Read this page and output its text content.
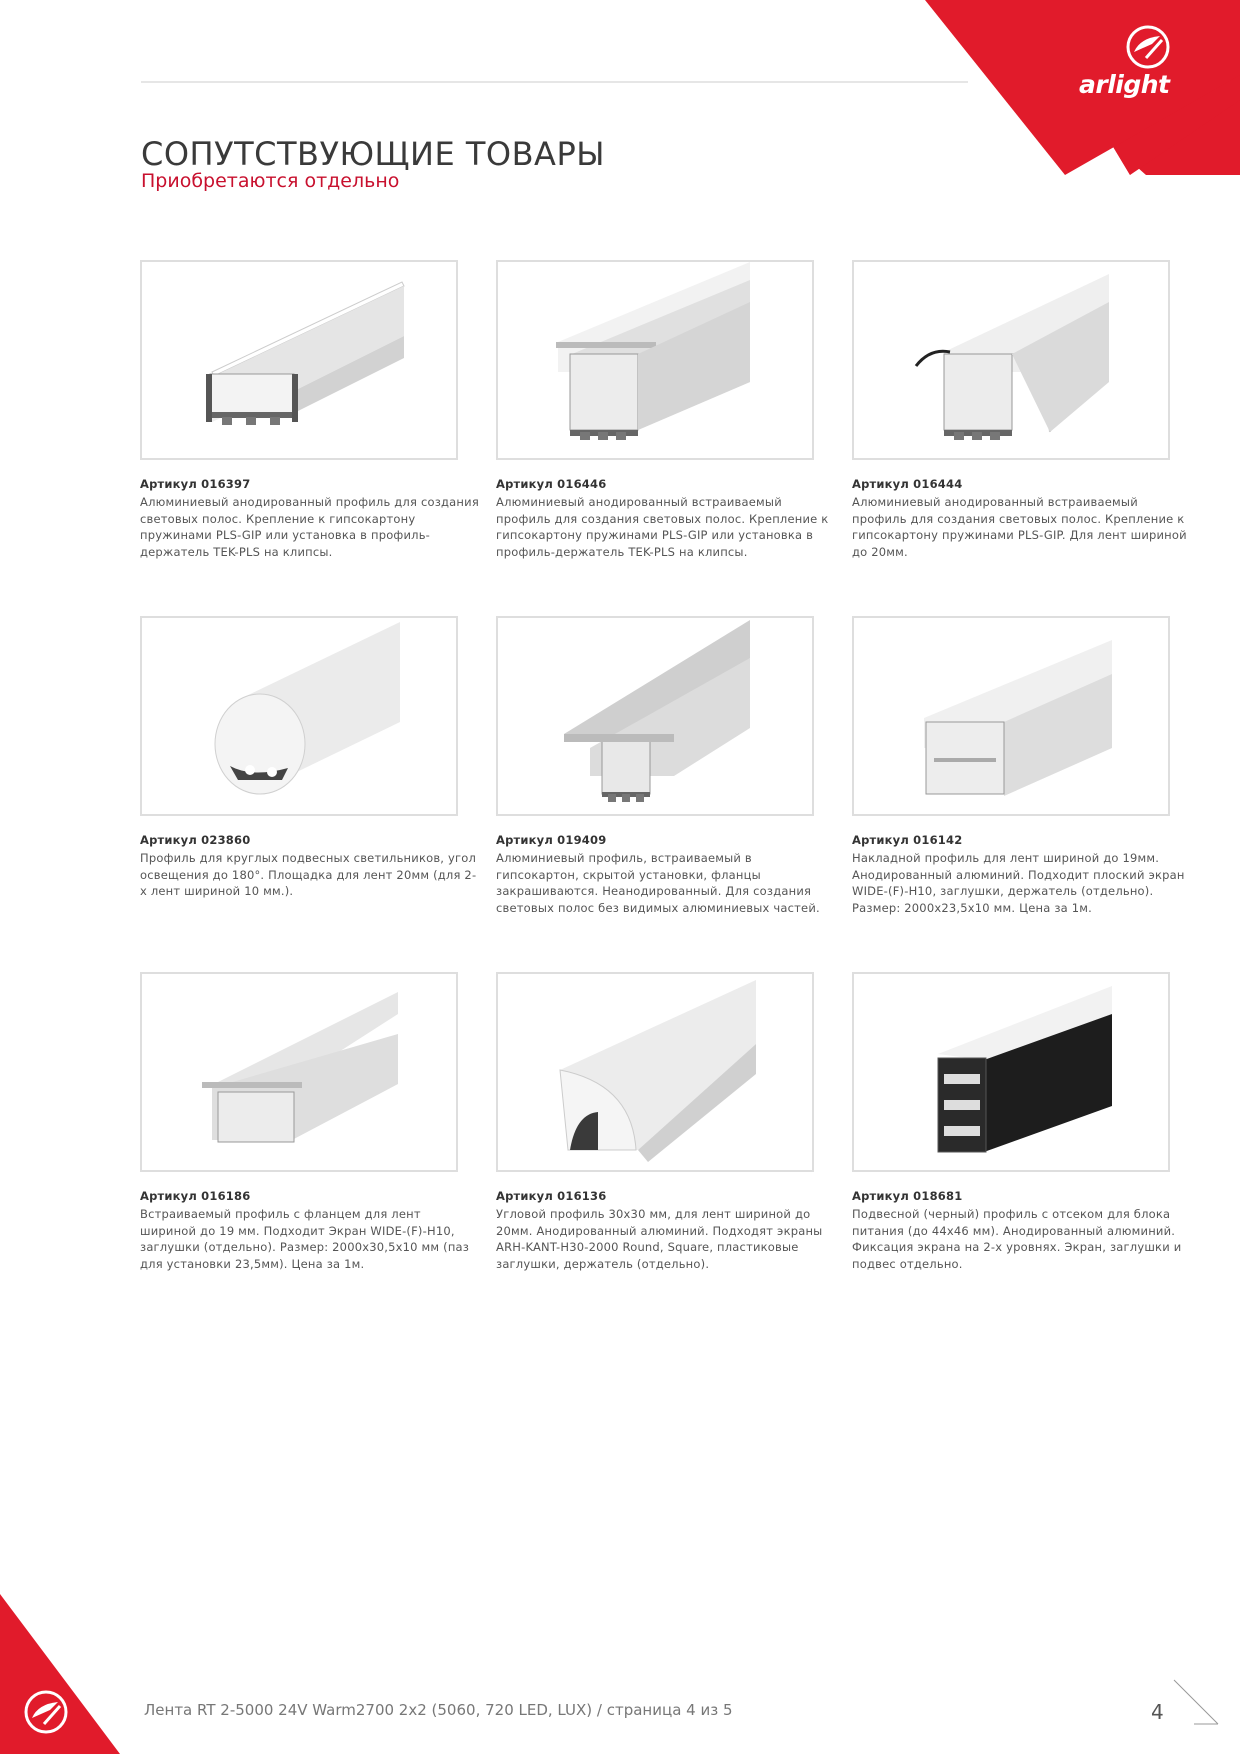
arlight
СОПУТСТВУЮЩИЕ ТОВАРЫ
Приобретаются отдельно
Артикул 016397
Алюминиевый анодированный профиль для создания световых полос. Крепление к гипсокартону пружинами PLS-GIP или установка в профиль-держатель TEK-PLS на клипсы.
Артикул 016446
Алюминиевый анодированный встраиваемый профиль для создания световых полос. Крепление к гипсокартону пружинами PLS-GIP или установка в профиль-держатель TEK-PLS на клипсы.
Артикул 016444
Алюминиевый анодированный встраиваемый профиль для создания световых полос. Крепление к гипсокартону пружинами PLS-GIP. Для лент шириной до 20мм.
Артикул 023860
Профиль для круглых подвесных светильников, угол освещения до 180°. Площадка для лент 20мм (для 2-х лент шириной 10 мм.).
Артикул 019409
Алюминиевый профиль, встраиваемый в гипсокартон, скрытой установки, фланцы закрашиваются. Неанодированный. Для создания световых полос без видимых алюминиевых частей.
Артикул 016142
Накладной профиль для лент шириной до 19мм. Анодированный алюминий. Подходит плоский экран WIDE-(F)-H10, заглушки, держатель (отдельно). Размер: 2000x23,5x10 мм. Цена за 1м.
Артикул 016186
Встраиваемый профиль с фланцем для лент шириной до 19 мм. Подходит Экран WIDE-(F)-H10, заглушки (отдельно). Размер: 2000x30,5x10 мм (паз для установки 23,5мм). Цена за 1м.
Артикул 016136
Угловой профиль 30x30 мм, для лент шириной до 20мм. Анодированный алюминий. Подходят экраны ARH-KANT-H30-2000 Round, Square, пластиковые заглушки, держатель (отдельно).
Артикул 018681
Подвесной (черный) профиль с отсеком для блока питания (до 44x46 мм). Анодированный алюминий. Фиксация экрана на 2-х уровнях. Экран, заглушки и подвес отдельно.
Лента RT 2-5000 24V Warm2700 2x2 (5060, 720 LED, LUX) / страница 4 из 5	4
